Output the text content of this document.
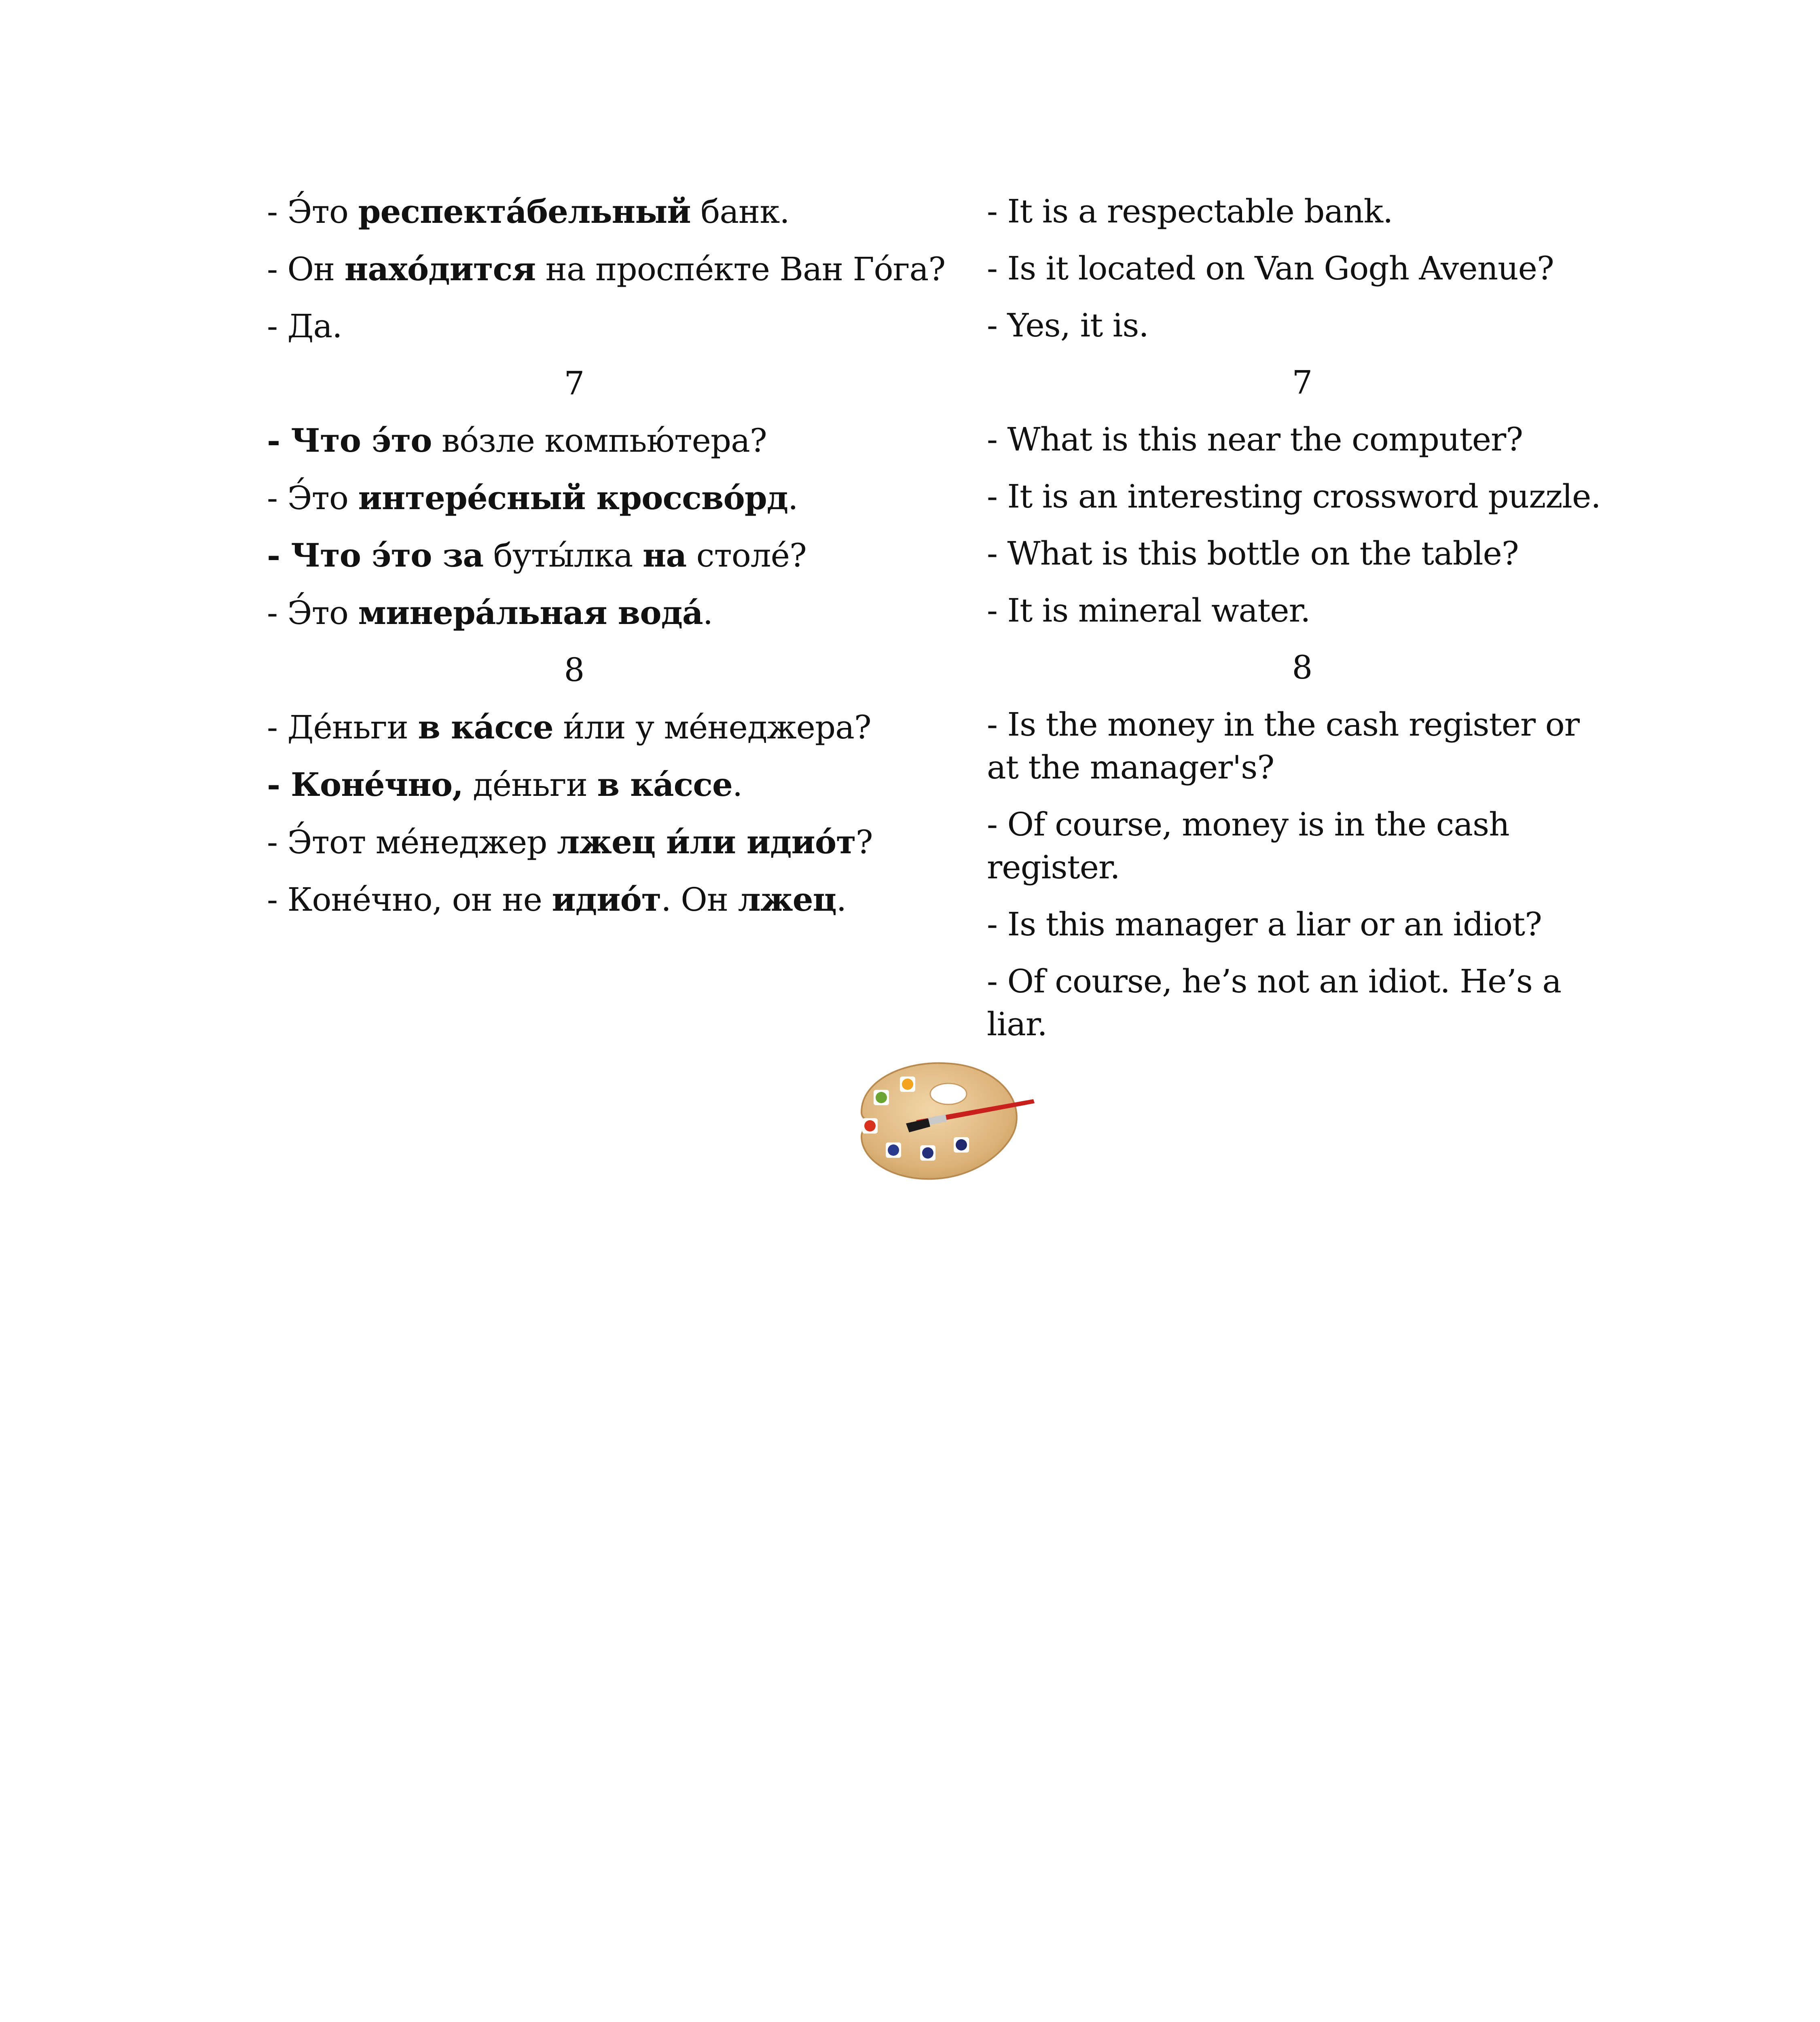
- Э́то респекта́бельный банк.
- Он нахо́дится на проспе́кте Ван Го́га?
- Да.
7
- Что э́то во́зле компью́тера?
- Э́то интере́сный кроссво́рд.
- Что э́то за буты́лка на столе́?
- Э́то минера́льная вода́.
8
- Де́ньги в ка́ссе и́ли у ме́неджера?
- Коне́чно, де́ньги в ка́ссе.
- Э́тот ме́неджер лжец и́ли идио́т?
- Коне́чно, он не идио́т. Он лжец.
- It is a respectable bank.
- Is it located on Van Gogh Avenue?
- Yes, it is.
7
- What is this near the computer?
- It is an interesting crossword puzzle.
- What is this bottle on the table?
- It is mineral water.
8
- Is the money in the cash register or at the manager's?
- Of course, money is in the cash register.
- Is this manager a liar or an idiot?
- Of course, he’s not an idiot. He’s a liar.
